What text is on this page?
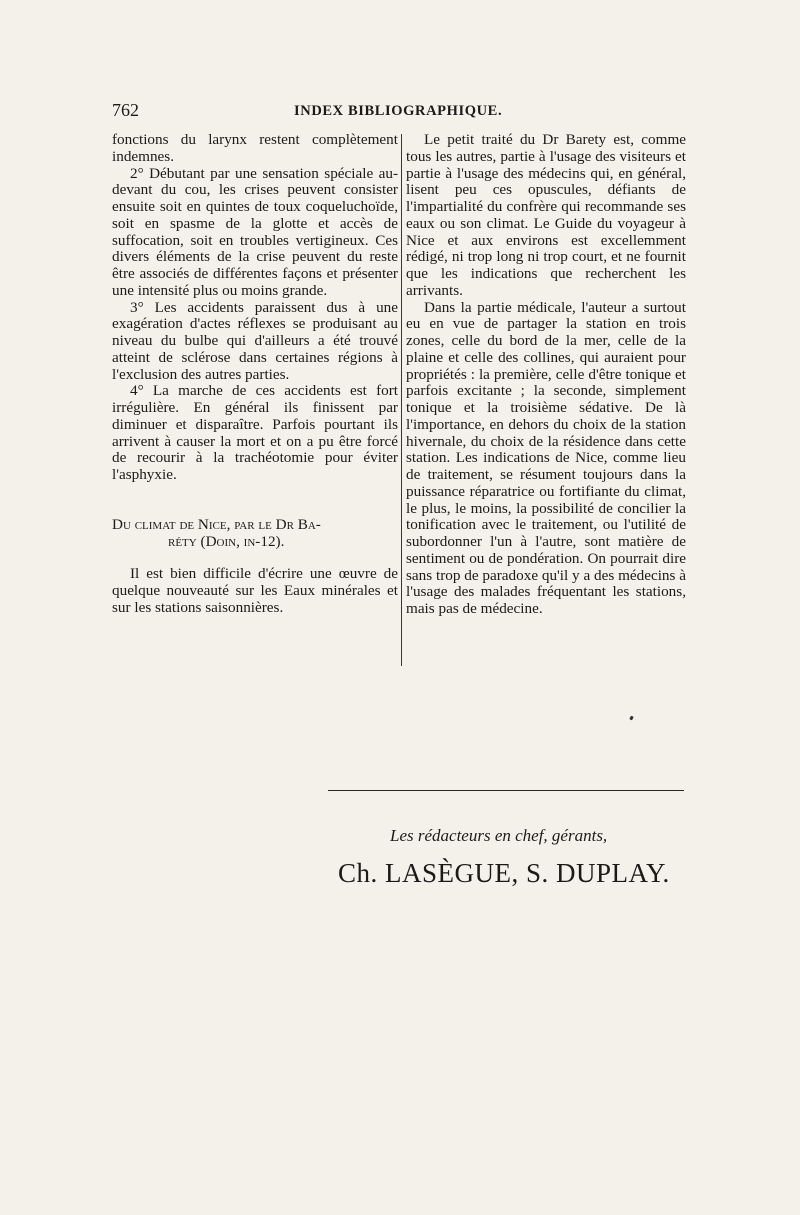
762	INDEX BIBLIOGRAPHIQUE.

fonctions du larynx restent complètement indemnes.

2° Débutant par une sensation spéciale au-devant du cou, les crises peuvent consister ensuite soit en quintes de toux coqueluchoïde, soit en spasme de la glotte et accès de suffocation, soit en troubles vertigineux. Ces divers éléments de la crise peuvent du reste être associés de différentes façons et présenter une intensité plus ou moins grande.

3° Les accidents paraissent dus à une exagération d'actes réflexes se produisant au niveau du bulbe qui d'ailleurs a été trouvé atteint de sclérose dans certaines régions à l'exclusion des autres parties.

4° La marche de ces accidents est fort irrégulière. En général ils finissent par diminuer et disparaître. Parfois pourtant ils arrivent à causer la mort et on a pu être forcé de recourir à la trachéotomie pour éviter l'asphyxie.

Du climat de Nice, par le Dr Ba-
réty (Doin, in-12).

Il est bien difficile d'écrire une œuvre de quelque nouveauté sur les Eaux minérales et sur les stations saisonnières.

Le petit traité du Dr Barety est, comme tous les autres, partie à l'usage des visiteurs et partie à l'usage des médecins qui, en général, lisent peu ces opuscules, défiants de l'impartialité du confrère qui recommande ses eaux ou son climat. Le Guide du voyageur à Nice et aux environs est excellemment rédigé, ni trop long ni trop court, et ne fournit que les indications que recherchent les arrivants.

Dans la partie médicale, l'auteur a surtout eu en vue de partager la station en trois zones, celle du bord de la mer, celle de la plaine et celle des collines, qui auraient pour propriétés : la première, celle d'être tonique et parfois excitante ; la seconde, simplement tonique et la troisième sédative. De là l'importance, en dehors du choix de la station hivernale, du choix de la résidence dans cette station. Les indications de Nice, comme lieu de traitement, se résument toujours dans la puissance réparatrice ou fortifiante du climat, le plus, le moins, la possibilité de concilier la tonification avec le traitement, ou l'utilité de subordonner l'un à l'autre, sont matière de sentiment ou de pondération. On pourrait dire sans trop de paradoxe qu'il y a des médecins à l'usage des malades fréquentant les stations, mais pas de médecine.

Les rédacteurs en chef, gérants,
Ch. LASÈGUE, S. DUPLAY.
